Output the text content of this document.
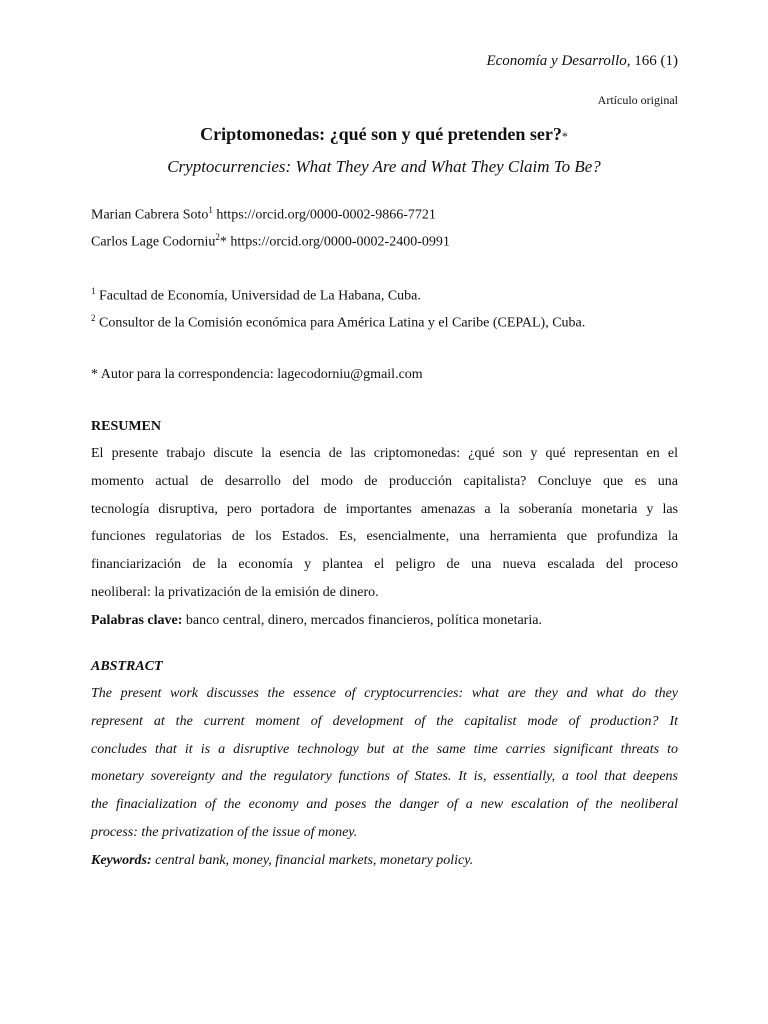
Economía y Desarrollo, 166 (1)
Artículo original
Criptomonedas: ¿qué son y qué pretenden ser?*
Cryptocurrencies: What They Are and What They Claim To Be?
Marian Cabrera Soto$^1$ https://orcid.org/0000-0002-9866-7721
Carlos Lage Codorniu$^2$* https://orcid.org/0000-0002-2400-0991
$^1$ Facultad de Economía, Universidad de La Habana, Cuba.
$^2$ Consultor de la Comisión económica para América Latina y el Caribe (CEPAL), Cuba.
* Autor para la correspondencia: lagecodorniu@gmail.com
RESUMEN

El presente trabajo discute la esencia de las criptomonedas: ¿qué son y qué representan en el
momento actual de desarrollo del modo de producción capitalista? Concluye que es una
tecnología disruptiva, pero portadora de importantes amenazas a la soberanía monetaria y las
funciones regulatorias de los Estados. Es, esencialmente, una herramienta que profundiza la
financiarización de la economía y plantea el peligro de una nueva escalada del proceso
neoliberal: la privatización de la emisión de dinero.
Palabras clave: banco central, dinero, mercados financieros, política monetaria.

ABSTRACT

The present work discusses the essence of cryptocurrencies: what are they and what do they
represent at the current moment of development of the capitalist mode of production? It
concludes that it is a disruptive technology but at the same time carries significant threats to
monetary sovereignty and the regulatory functions of States. It is, essentially, a tool that deepens
the finacialization of the economy and poses the danger of a new escalation of the neoliberal
process: the privatization of the issue of money.
Keywords: central bank, money, financial markets, monetary policy.
